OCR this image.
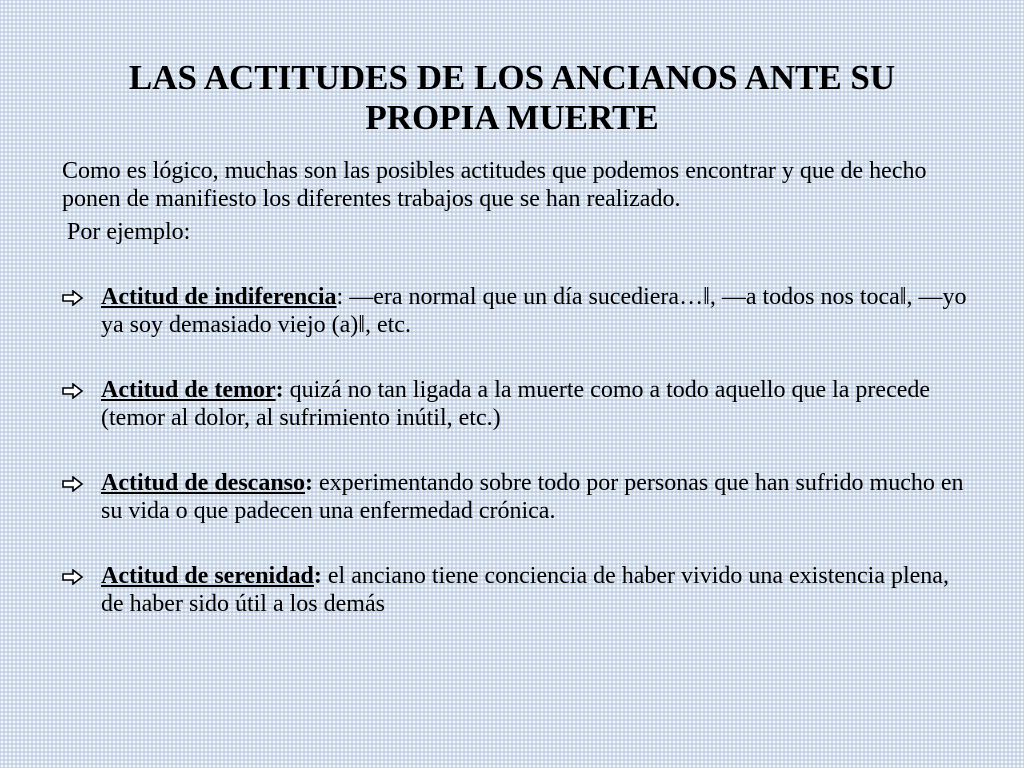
LAS ACTITUDES DE LOS ANCIANOS ANTE SU
PROPIA MUERTE

Como es lógico, muchas son las posibles actitudes que podemos encontrar y que de hecho ponen de manifiesto los diferentes trabajos que se han realizado.

Por ejemplo:
Actitud de indiferencia: ―era normal que un día sucediera…‖, ―a todos nos toca‖, ―yo ya soy demasiado viejo (a)‖, etc.
Actitud de temor: quizá no tan ligada a la muerte como a todo aquello que la precede (temor al dolor, al sufrimiento inútil, etc.)
Actitud de descanso: experimentando sobre todo por personas que han sufrido mucho en su vida o que padecen una enfermedad crónica.
Actitud de serenidad: el anciano tiene conciencia de haber vivido una existencia plena, de haber sido útil a los demás
